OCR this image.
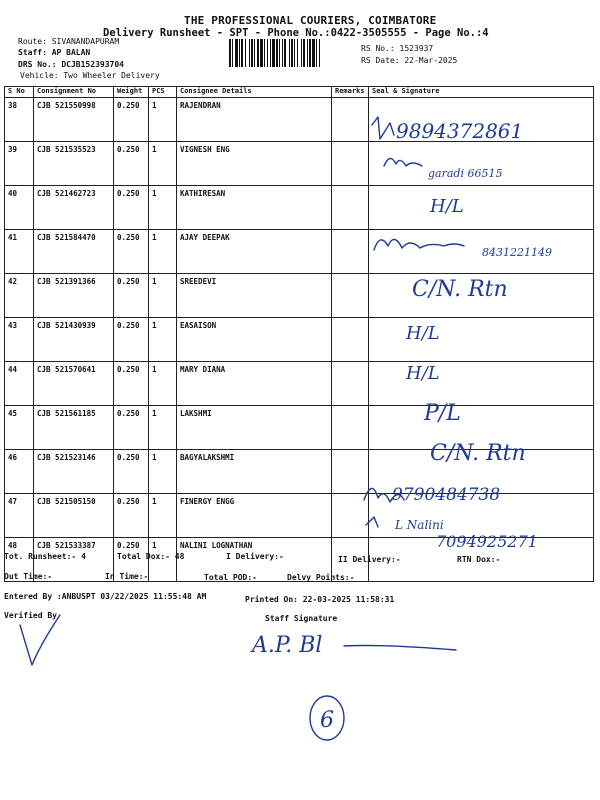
THE PROFESSIONAL COURIERS, COIMBATORE
Delivery Runsheet - SPT - Phone No.:0422-3505555 - Page No.:4
Route: SIVANANDAPURAM
Staff: AP BALAN
DRS No.: DCJB152393704
Vehicle: Two Wheeler Delivery
RS No.: 1523937
RS Date: 22-Mar-2025
S No	Consignment No	Weight	PCS	Consignee Details	Remarks	Seal & Signature
38	CJB 521550998	0.250	1	RAJENDRAN		
39	CJB 521535523	0.250	1	VIGNESH ENG		
40	CJB 521462723	0.250	1	KATHIRESAN		
41	CJB 521584470	0.250	1	AJAY DEEPAK		
42	CJB 521391366	0.250	1	SREEDEVI		
43	CJB 521430939	0.250	1	EASAISON		
44	CJB 521570641	0.250	1	MARY DIANA		
45	CJB 521561185	0.250	1	LAKSHMI		
46	CJB 521523146	0.250	1	BAGYALAKSHMI		
47	CJB 521505150	0.250	1	FINERGY ENGG		
48	CJB 521533387	0.250	1	NALINI LOGNATHAN		
Tot. Runsheet:- 4	Total Dox:- 48	I Delivery:-	II Delivery:-	RTN Dox:-
Out Time:-	In Time:-	Total POD:-	Delvy Points:-
Entered By :ANBUSPT 03/22/2025 11:55:48 AM	Printed On: 22-03-2025 11:58:31
Verified By	Staff Signature
9894372861
garadi 66515
H/L
8431221149
C/N. Rtn
H/L
H/L
P/L
C/N. Rtn
9790484738
L Nalini
7094925271
A.P. Bl
6
